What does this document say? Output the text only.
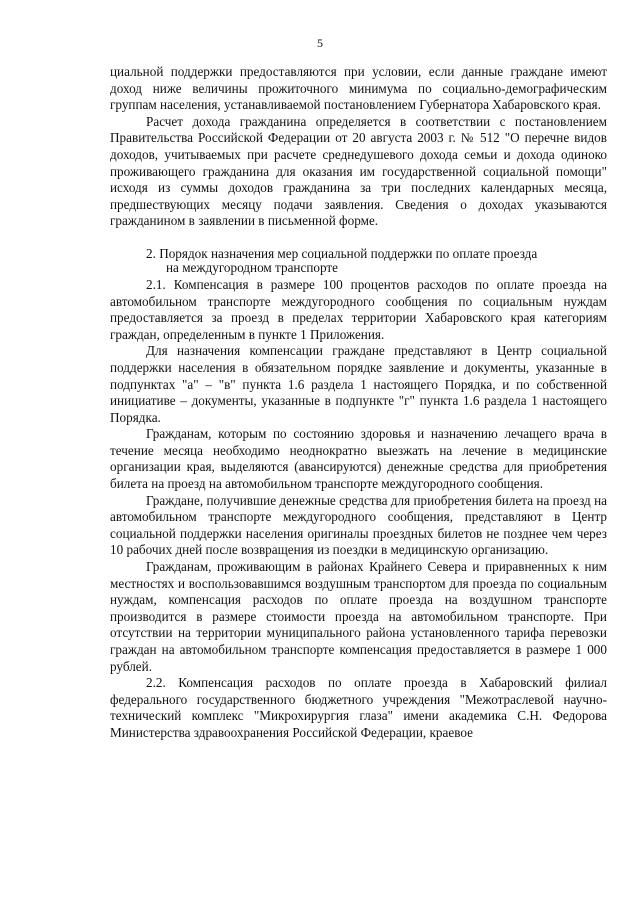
5

циальной поддержки предоставляются при условии, если данные граждане имеют доход ниже величины прожиточного минимума по социально-демографическим группам населения, устанавливаемой постановлением Губернатора Хабаровского края.

Расчет дохода гражданина определяется в соответствии с постановлением Правительства Российской Федерации от 20 августа 2003 г. № 512 "О перечне видов доходов, учитываемых при расчете среднедушевого дохода семьи и дохода одиноко проживающего гражданина для оказания им государственной социальной помощи" исходя из суммы доходов гражданина за три последних календарных месяца, предшествующих месяцу подачи заявления. Сведения о доходах указываются гражданином в заявлении в письменной форме.

2. Порядок назначения мер социальной поддержки по оплате проезда
на междугородном транспорте

2.1. Компенсация в размере 100 процентов расходов по оплате проезда на автомобильном транспорте междугородного сообщения по социальным нуждам предоставляется за проезд в пределах территории Хабаровского края категориям граждан, определенным в пункте 1 Приложения.

Для назначения компенсации граждане представляют в Центр социальной поддержки населения в обязательном порядке заявление и документы, указанные в подпунктах "а" – "в" пункта 1.6 раздела 1 настоящего Порядка, и по собственной инициативе – документы, указанные в подпункте "г" пункта 1.6 раздела 1 настоящего Порядка.

Гражданам, которым по состоянию здоровья и назначению лечащего врача в течение месяца необходимо неоднократно выезжать на лечение в медицинские организации края, выделяются (авансируются) денежные средства для приобретения билета на проезд на автомобильном транспорте междугородного сообщения.

Граждане, получившие денежные средства для приобретения билета на проезд на автомобильном транспорте междугородного сообщения, представляют в Центр социальной поддержки населения оригиналы проездных билетов не позднее чем через 10 рабочих дней после возвращения из поездки в медицинскую организацию.

Гражданам, проживающим в районах Крайнего Севера и приравненных к ним местностях и воспользовавшимся воздушным транспортом для проезда по социальным нуждам, компенсация расходов по оплате проезда на воздушном транспорте производится в размере стоимости проезда на автомобильном транспорте. При отсутствии на территории муниципального района установленного тарифа перевозки граждан на автомобильном транспорте компенсация предоставляется в размере 1 000 рублей.

2.2. Компенсация расходов по оплате проезда в Хабаровский филиал федерального государственного бюджетного учреждения "Межотраслевой научно-технический комплекс "Микрохирургия глаза" имени академика С.Н. Федорова Министерства здравоохранения Российской Федерации, краевое
